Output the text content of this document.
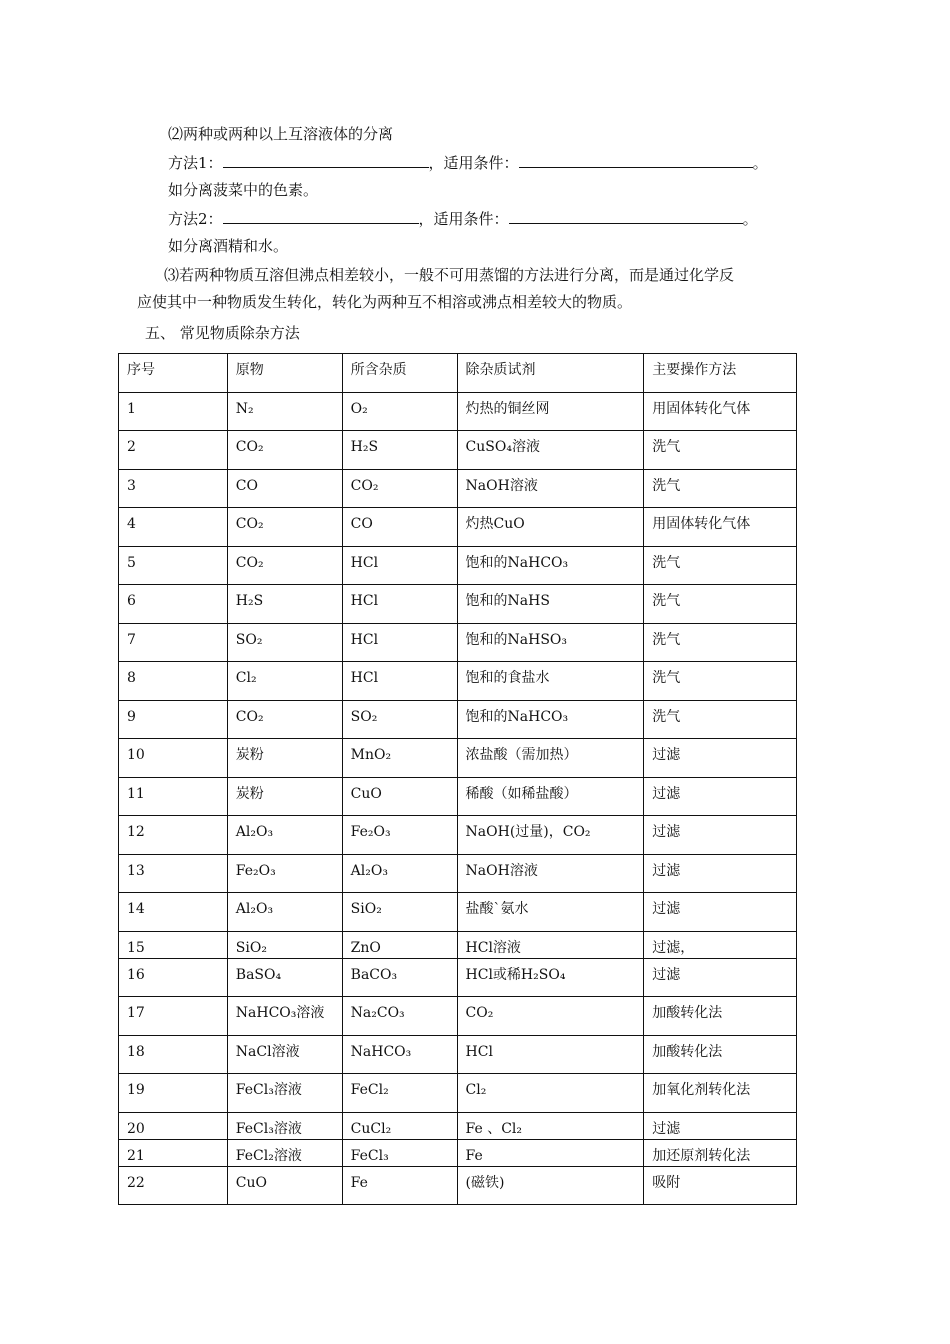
⑵两种或两种以上互溶液体的分离
方法1：	，适用条件：	。
如分离菠菜中的色素。
方法2：	，适用条件：	。
如分离酒精和水。
⑶若两种物质互溶但沸点相差较小，一般不可用蒸馏的方法进行分离，而是通过化学反
应使其中一种物质发生转化，转化为两种互不相溶或沸点相差较大的物质。
五、 常见物质除杂方法
序号	原物	所含杂质	除杂质试剂	主要操作方法
1	N₂	O₂	灼热的铜丝网	用固体转化气体
2	CO₂	H₂S	CuSO₄溶液	洗气
3	CO	CO₂	NaOH溶液	洗气
4	CO₂	CO	灼热CuO	用固体转化气体
5	CO₂	HCl	饱和的NaHCO₃	洗气
6	H₂S	HCl	饱和的NaHS	洗气
7	SO₂	HCl	饱和的NaHSO₃	洗气
8	Cl₂	HCl	饱和的食盐水	洗气
9	CO₂	SO₂	饱和的NaHCO₃	洗气
10	炭粉	MnO₂	浓盐酸（需加热）	过滤
11	炭粉	CuO	稀酸（如稀盐酸）	过滤
12	Al₂O₃	Fe₂O₃	NaOH(过量)，CO₂	过滤
13	Fe₂O₃	Al₂O₃	NaOH溶液	过滤
14	Al₂O₃	SiO₂	盐酸`氨水	过滤
15	SiO₂	ZnO	HCl溶液	过滤，
16	BaSO₄	BaCO₃	HCl或稀H₂SO₄	过滤
17	NaHCO₃溶液	Na₂CO₃	CO₂	加酸转化法
18	NaCl溶液	NaHCO₃	HCl	加酸转化法
19	FeCl₃溶液	FeCl₂	Cl₂	加氧化剂转化法
20	FeCl₃溶液	CuCl₂	Fe 、Cl₂	过滤
21	FeCl₂溶液	FeCl₃	Fe	加还原剂转化法
22	CuO	Fe	(磁铁)	吸附
